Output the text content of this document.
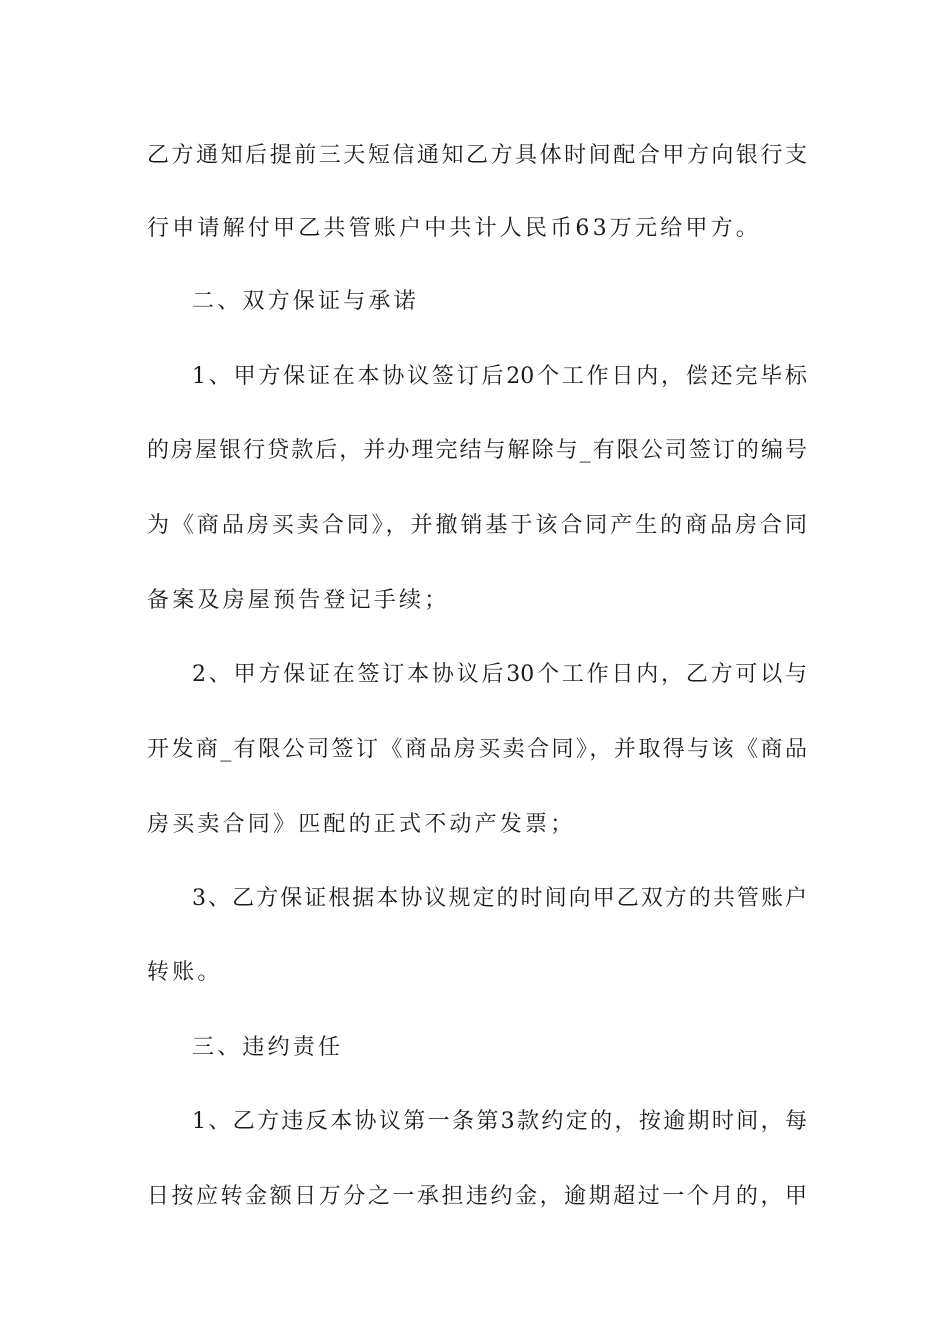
乙方通知后提前三天短信通知乙方具体时间配合甲方向银行支
行申请解付甲乙共管账户中共计人民币63万元给甲方。
二、双方保证与承诺
1、甲方保证在本协议签订后20个工作日内，偿还完毕标
的房屋银行贷款后，并办理完结与解除与_有限公司签订的编号
为《商品房买卖合同》，并撤销基于该合同产生的商品房合同
备案及房屋预告登记手续；
2、甲方保证在签订本协议后30个工作日内，乙方可以与
开发商_有限公司签订《商品房买卖合同》，并取得与该《商品
房买卖合同》匹配的正式不动产发票；
3、乙方保证根据本协议规定的时间向甲乙双方的共管账户
转账。
三、违约责任
1、乙方违反本协议第一条第3款约定的，按逾期时间，每
日按应转金额日万分之一承担违约金，逾期超过一个月的，甲
